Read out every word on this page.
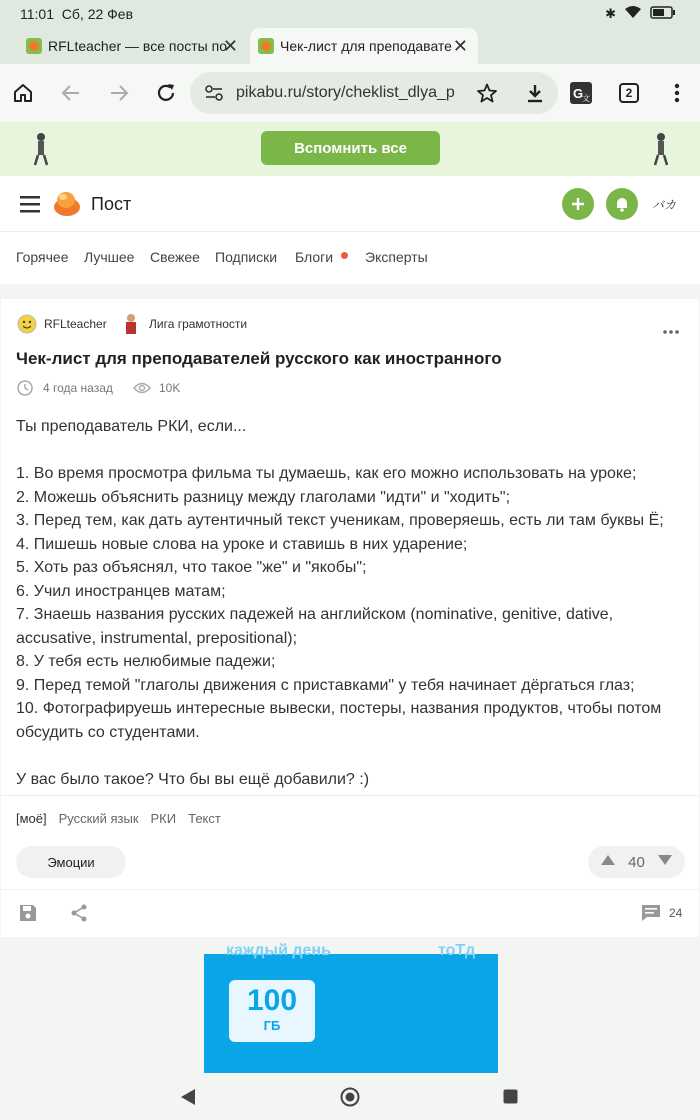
11:01 Сб, 22 Фев	✱
RFLteacher — все посты по
✕	Чек-лист для преподавате ✕
pikabu.ru/story/cheklist_dlya_p	G
文	2
Вспомнить все
Пост	バカ
Горячее Лучшее Свежее Подписки Блоги Эксперты
RFLteacher	Лига грамотности
Чек-лист для преподавателей русского как иностранного
4 года назад	10K

Ты преподаватель РКИ, если...

1. Во время просмотра фильма ты думаешь, как его можно использовать на уроке;

2. Можешь объяснить разницу между глаголами "идти" и "ходить";

3. Перед тем, как дать аутентичный текст ученикам, проверяешь, есть ли там буквы Ё;

4. Пишешь новые слова на уроке и ставишь в них ударение;

5. Хоть раз объяснял, что такое "же" и "якобы";

6. Учил иностранцев матам;

7. Знаешь названия русских падежей на английском (nominative, genitive, dative, accusative, instrumental, prepositional);

8. У тебя есть нелюбимые падежи;

9. Перед темой "глаголы движения с приставками" у тебя начинает дёргаться глаз;

10. Фотографируешь интересные вывески, постеры, названия продуктов, чтобы потом обсудить со студентами.

У вас было такое? Что бы вы ещё добавили? :)

[моё] Русский язык РКИ Текст
Эмоции	40
24
каждый день	тоТд
100
ГБ
